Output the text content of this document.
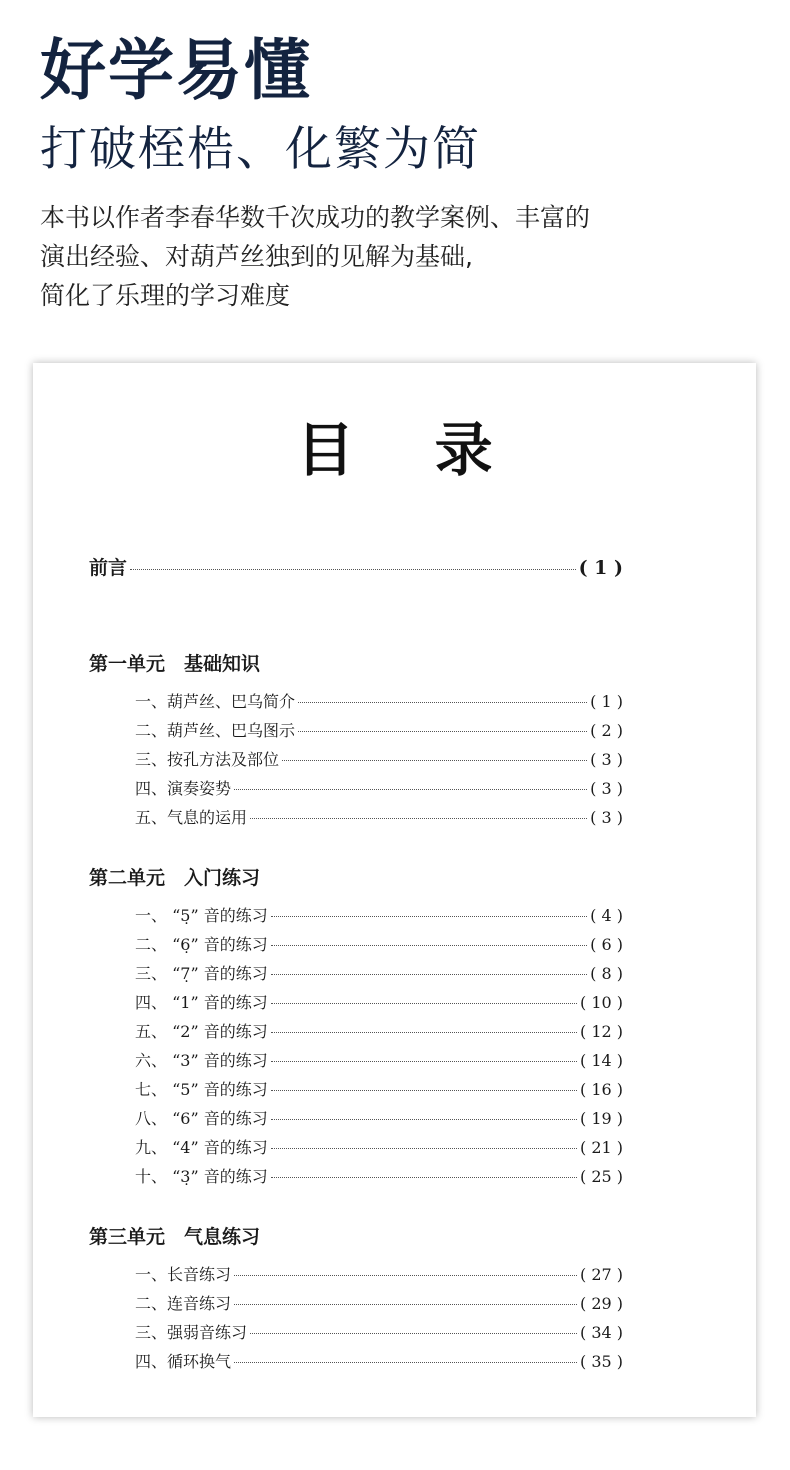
好学易懂
打破桎梏、化繁为简
本书以作者李春华数千次成功的教学案例、丰富的
演出经验、对葫芦丝独到的见解为基础,
简化了乐理的学习难度
目 录
前言	( 1 )
第一单元　基础知识
一、葫芦丝、巴乌简介	( 1 )
二、葫芦丝、巴乌图示	( 2 )
三、按孔方法及部位	( 3 )
四、演奏姿势	( 3 )
五、气息的运用	( 3 )
第二单元　入门练习
一、 “5̣” 音的练习	( 4 )
二、 “6̣” 音的练习	( 6 )
三、 “7̣” 音的练习	( 8 )
四、 “1” 音的练习	( 10 )
五、 “2” 音的练习	( 12 )
六、 “3” 音的练习	( 14 )
七、 “5” 音的练习	( 16 )
八、 “6” 音的练习	( 19 )
九、 “4” 音的练习	( 21 )
十、 “3̣” 音的练习	( 25 )
第三单元　气息练习
一、长音练习	( 27 )
二、连音练习	( 29 )
三、强弱音练习	( 34 )
四、循环换气	( 35 )
